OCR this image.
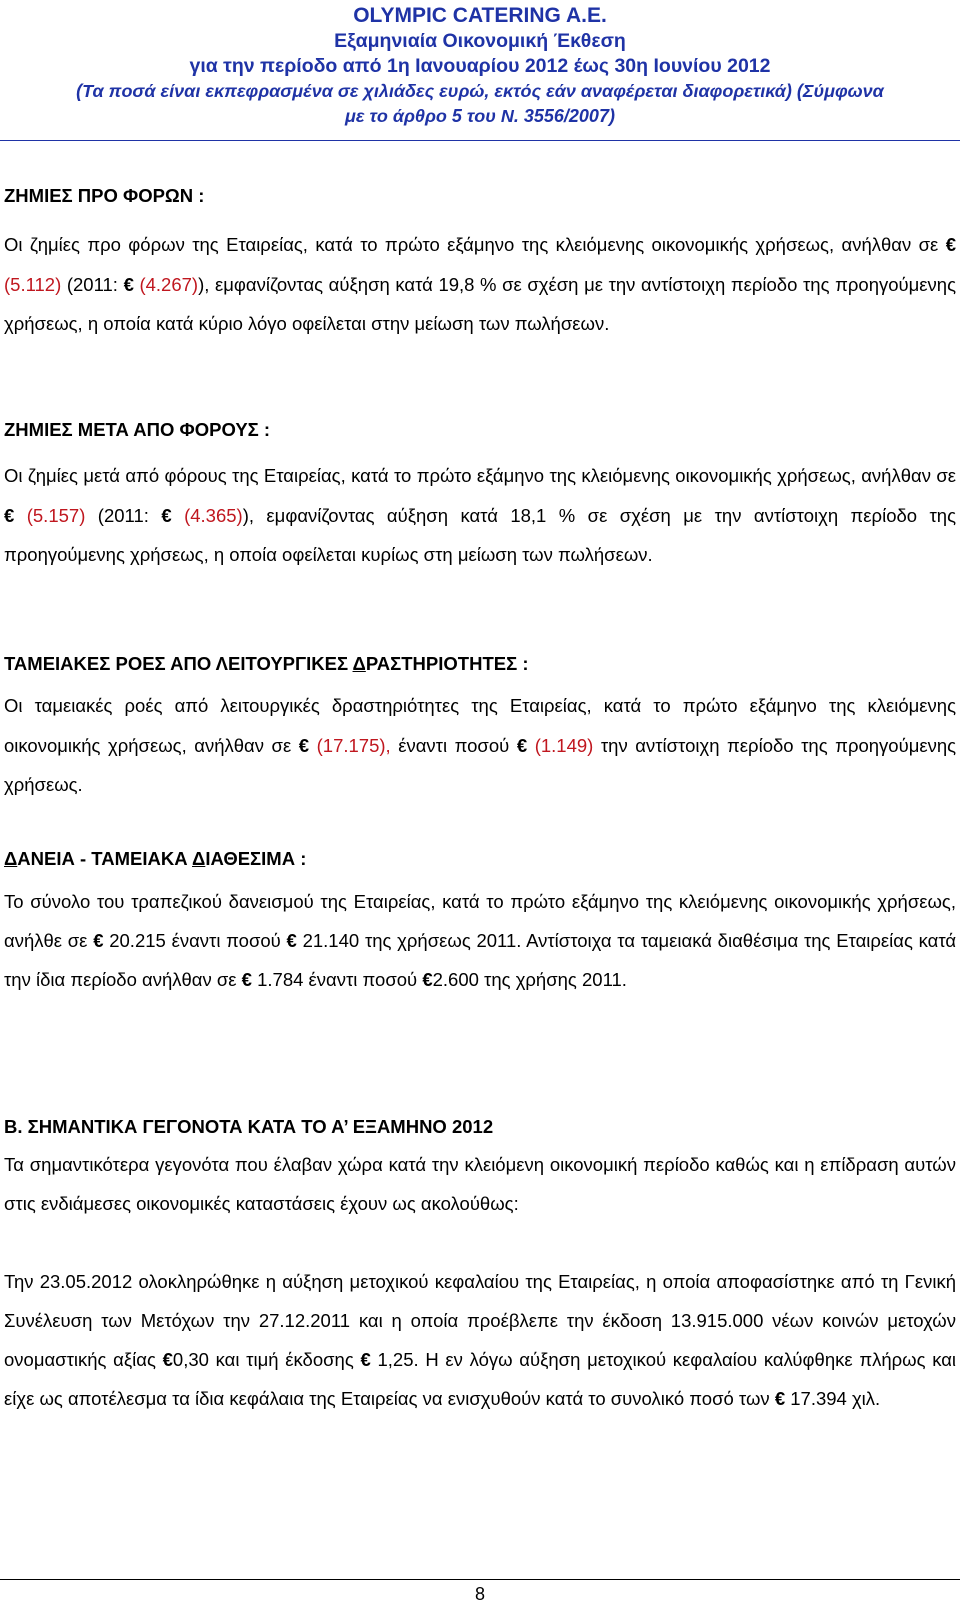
OLYMPIC CATERING A.E.
Εξαμηνιαία Οικονομική Έκθεση
για την περίοδο από 1η Ιανουαρίου 2012 έως 30η Ιουνίου 2012
(Τα ποσά είναι εκπεφρασμένα σε χιλιάδες ευρώ, εκτός εάν αναφέρεται διαφορετικά) (Σύμφωνα
με το άρθρο 5 του Ν. 3556/2007)

ΖΗΜΙΕΣ ΠΡΟ ΦΟΡΩΝ :

Οι ζημίες προ φόρων της Εταιρείας, κατά το πρώτο εξάμηνο της κλειόμενης οικονομικής χρήσεως, ανήλθαν σε € (5.112) (2011: € (4.267)), εμφανίζοντας αύξηση κατά 19,8 % σε σχέση με την αντίστοιχη περίοδο της προηγούμενης χρήσεως, η οποία κατά κύριο λόγο οφείλεται στην μείωση των πωλήσεων.

ΖΗΜΙΕΣ ΜΕΤΑ ΑΠΟ ΦΟΡΟΥΣ :

Οι ζημίες μετά από φόρους της Εταιρείας, κατά το πρώτο εξάμηνο της κλειόμενης οικονομικής χρήσεως, ανήλθαν σε € (5.157) (2011: € (4.365)), εμφανίζοντας αύξηση κατά 18,1 % σε σχέση με την αντίστοιχη περίοδο της προηγούμενης χρήσεως, η οποία οφείλεται κυρίως στη μείωση των πωλήσεων.

ΤΑΜΕΙΑΚΕΣ ΡΟΕΣ ΑΠΟ ΛΕΙΤΟΥΡΓΙΚΕΣ ΔΡΑΣΤΗΡΙΟΤΗΤΕΣ :

Οι ταμειακές ροές από λειτουργικές δραστηριότητες της Εταιρείας, κατά το πρώτο εξάμηνο της κλειόμενης οικονομικής χρήσεως, ανήλθαν σε € (17.175), έναντι ποσού € (1.149) την αντίστοιχη περίοδο της προηγούμενης χρήσεως.

ΔΑΝΕΙΑ - ΤΑΜΕΙΑΚΑ ΔΙΑΘΕΣΙΜΑ :

Το σύνολο του τραπεζικού δανεισμού της Εταιρείας, κατά το πρώτο εξάμηνο της κλειόμενης οικονομικής χρήσεως, ανήλθε σε € 20.215 έναντι ποσού € 21.140 της χρήσεως 2011. Αντίστοιχα τα ταμειακά διαθέσιμα της Εταιρείας κατά την ίδια περίοδο ανήλθαν σε € 1.784 έναντι ποσού €2.600 της χρήσης 2011.

Β. ΣΗΜΑΝΤΙΚΑ ΓΕΓΟΝΟΤΑ ΚΑΤΑ ΤΟ Α’ ΕΞΑΜΗΝΟ 2012

Τα σημαντικότερα γεγονότα που έλαβαν χώρα κατά την κλειόμενη οικονομική περίοδο καθώς και η επίδραση αυτών στις ενδιάμεσες οικονομικές καταστάσεις έχουν ως ακολούθως:

Την 23.05.2012 ολοκληρώθηκε η αύξηση μετοχικού κεφαλαίου της Εταιρείας, η οποία αποφασίστηκε από τη Γενική Συνέλευση των Μετόχων την 27.12.2011 και η οποία προέβλεπε την έκδοση 13.915.000 νέων κοινών μετοχών ονομαστικής αξίας €0,30 και τιμή έκδοσης € 1,25. Η εν λόγω αύξηση μετοχικού κεφαλαίου καλύφθηκε πλήρως και είχε ως αποτέλεσμα τα ίδια κεφάλαια της Εταιρείας να ενισχυθούν κατά το συνολικό ποσό των € 17.394 χιλ.

8
